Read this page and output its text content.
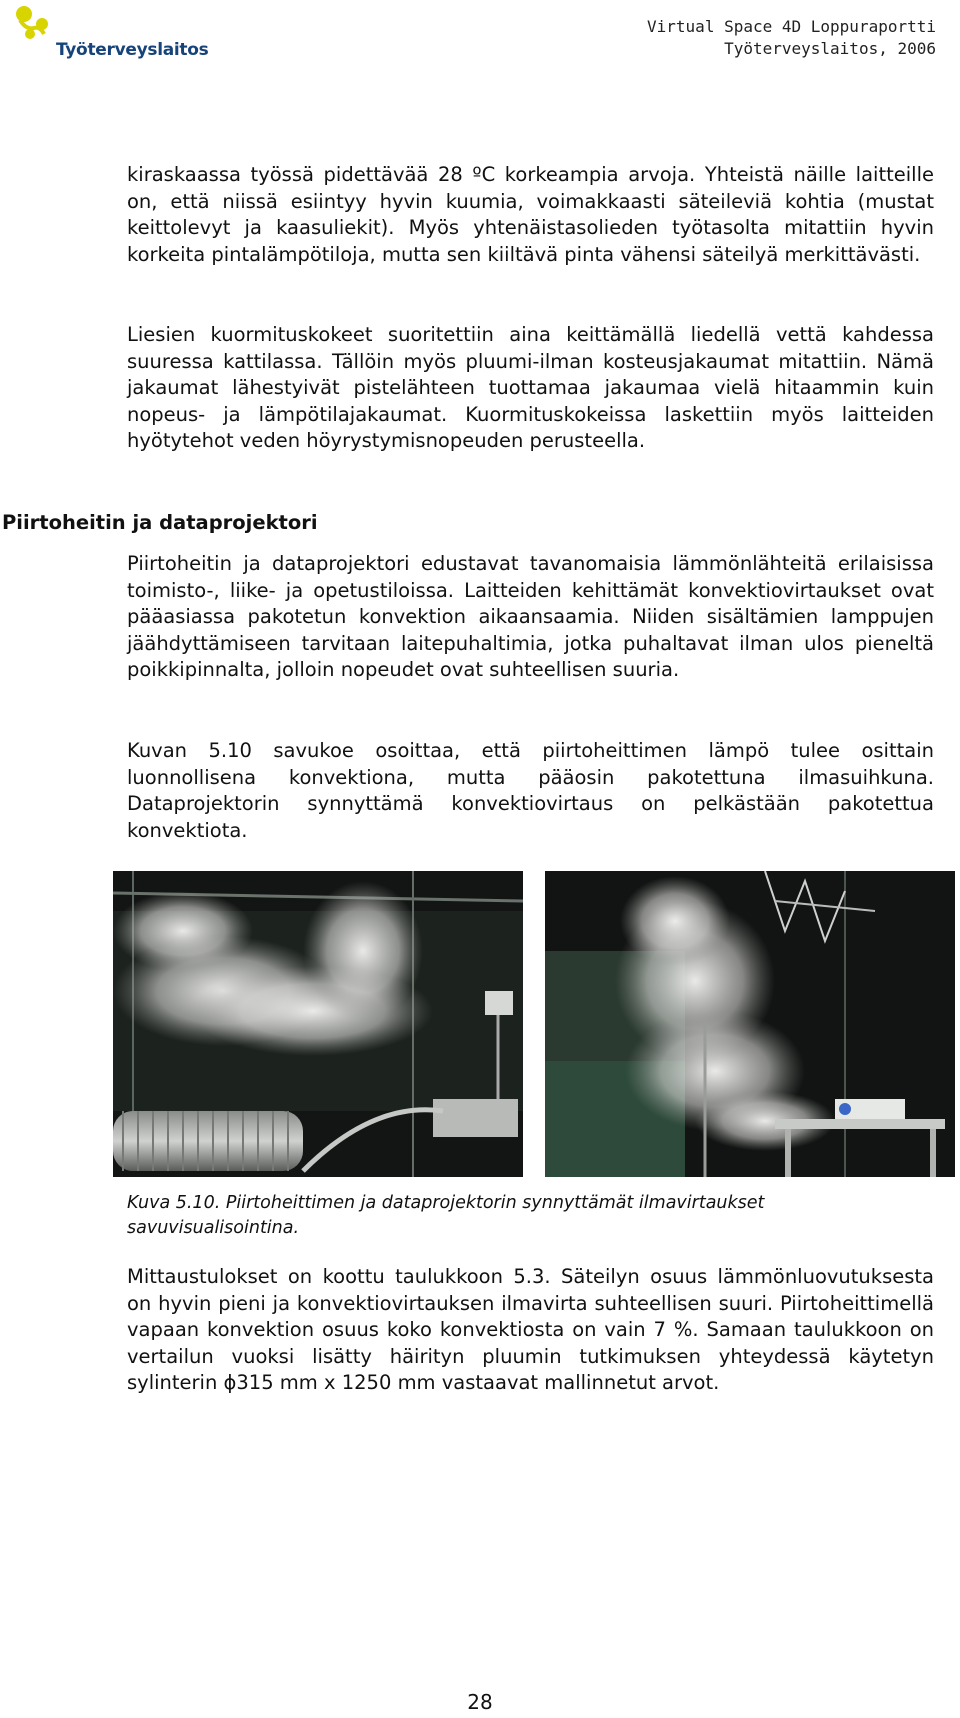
Työterveyslaitos
Virtual Space 4D Loppuraportti
Työterveyslaitos, 2006

kiraskaassa työssä pidettävää 28 ºC korkeampia arvoja. Yhteistä näille laitteille on, että niissä esiintyy hyvin kuumia, voimakkaasti säteileviä kohtia (mustat keittolevyt ja kaasuliekit). Myös yhtenäistasolieden työtasolta mitattiin hyvin korkeita pintalämpötiloja, mutta sen kiiltävä pinta vähensi säteilyä merkittävästi.

Liesien kuormituskokeet suoritettiin aina keittämällä liedellä vettä kahdessa suuressa kattilassa. Tällöin myös pluumi-ilman kosteusjakaumat mitattiin. Nämä jakaumat lähestyivät pistelähteen tuottamaa jakaumaa vielä hitaammin kuin nopeus- ja lämpötilajakaumat. Kuormituskokeissa laskettiin myös laitteiden hyötytehot veden höyrystymisnopeuden perusteella.

Piirtoheitin ja dataprojektori

Piirtoheitin ja dataprojektori edustavat tavanomaisia lämmönlähteitä erilaisissa toimisto-, liike- ja opetustiloissa. Laitteiden kehittämät konvektiovirtaukset ovat pääasiassa pakotetun konvektion aikaansaamia. Niiden sisältämien lamppujen jäähdyttämiseen tarvitaan laitepuhaltimia, jotka puhaltavat ilman ulos pieneltä poikkipinnalta, jolloin nopeudet ovat suhteellisen suuria.

Kuvan 5.10 savukoe osoittaa, että piirtoheittimen lämpö tulee osittain luonnollisena konvektiona, mutta pääosin pakotettuna ilmasuihkuna. Dataprojektorin synnyttämä konvektiovirtaus on pelkästään pakotettua konvektiota.

Kuva 5.10. Piirtoheittimen ja dataprojektorin synnyttämät ilmavirtaukset savuvisualisointina.

Mittaustulokset on koottu taulukkoon 5.3. Säteilyn osuus lämmönluovutuksesta on hyvin pieni ja konvektiovirtauksen ilmavirta suhteellisen suuri. Piirtoheittimellä vapaan konvektion osuus koko konvektiosta on vain 7 %. Samaan taulukkoon on vertailun vuoksi lisätty häirityn pluumin tutkimuksen yhteydessä käytetyn sylinterin ϕ315 mm x 1250 mm vastaavat mallinnetut arvot.

28
